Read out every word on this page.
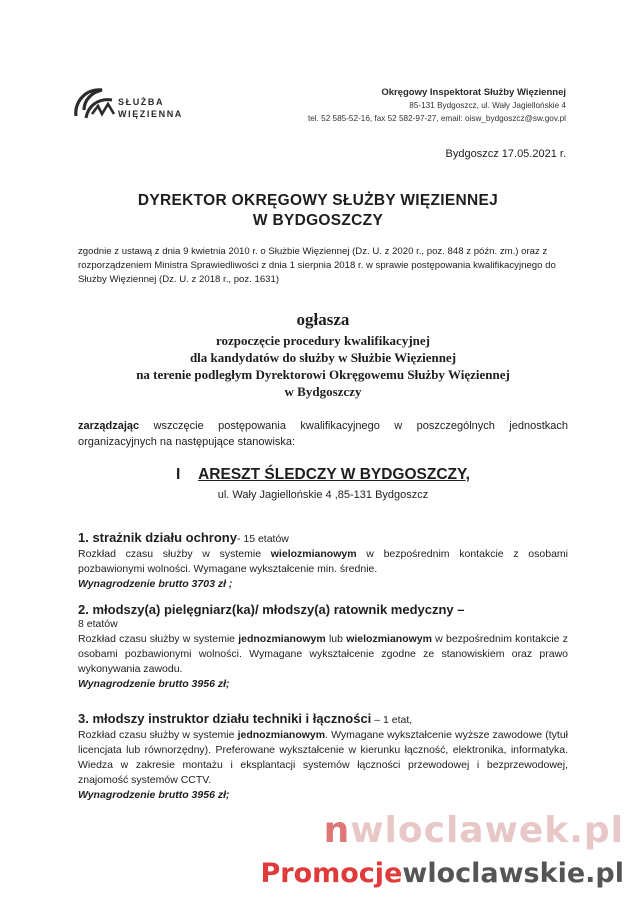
SŁUŻBA
WIĘZIENNA
Okręgowy Inspektorat Służby Więziennej
85-131 Bydgoszcz, ul. Wały Jagiellońskie 4
tel. 52 585-52-16, fax 52 582-97-27, email: oisw_bydgoszcz@sw.gov.pl
Bydgoszcz 17.05.2021 r.
DYREKTOR OKRĘGOWY SŁUŻBY WIĘZIENNEJ
W BYDGOSZCZY
zgodnie z ustawą z dnia 9 kwietnia 2010 r. o Służbie Więziennej (Dz. U. z 2020 r., poz. 848 z późn. zm.) oraz z rozporządzeniem Ministra Sprawiedliwości z dnia 1 sierpnia 2018 r. w sprawie postępowania kwalifikacyjnego do Służby Więziennej (Dz. U. z 2018 r., poz. 1631)
ogłasza
rozpoczęcie procedury kwalifikacyjnej
dla kandydatów do służby w Służbie Więziennej
na terenie podległym Dyrektorowi Okręgowemu Służby Więziennej
w Bydgoszczy
zarządzając wszczęcie postępowania kwalifikacyjnego w poszczególnych jednostkach organizacyjnych na następujące stanowiska:
I ARESZT ŚLEDCZY W BYDGOSZCZY,
ul. Wały Jagiellońskie 4 ,85-131 Bydgoszcz
1. strażnik działu ochrony- 15 etatów
Rozkład czasu służby w systemie wielozmianowym w bezpośrednim kontakcie z osobami pozbawionymi wolności. Wymagane wykształcenie min. średnie.
Wynagrodzenie brutto 3703 zł ;
2. młodszy(a) pielęgniarz(ka)/ młodszy(a) ratownik medyczny –
8 etatów
Rozkład czasu służby w systemie jednozmianowym lub wielozmianowym w bezpośrednim kontakcie z osobami pozbawionymi wolności. Wymagane wykształcenie zgodne ze stanowiskiem oraz prawo wykonywania zawodu.
Wynagrodzenie brutto 3956 zł;
3. młodszy instruktor działu techniki i łączności – 1 etat,
Rozkład czasu służby w systemie jednozmianowym. Wymagane wykształcenie wyższe zawodowe (tytuł licencjata lub równorzędny). Preferowane wykształcenie w kierunku łączność, elektronika, informatyka. Wiedza w zakresie montażu i eksplantacji systemów łączności przewodowej i bezprzewodowej, znajomość systemów CCTV.
Wynagrodzenie brutto 3956 zł;
nwloclawek.pl
Promocjewloclawskie.pl
